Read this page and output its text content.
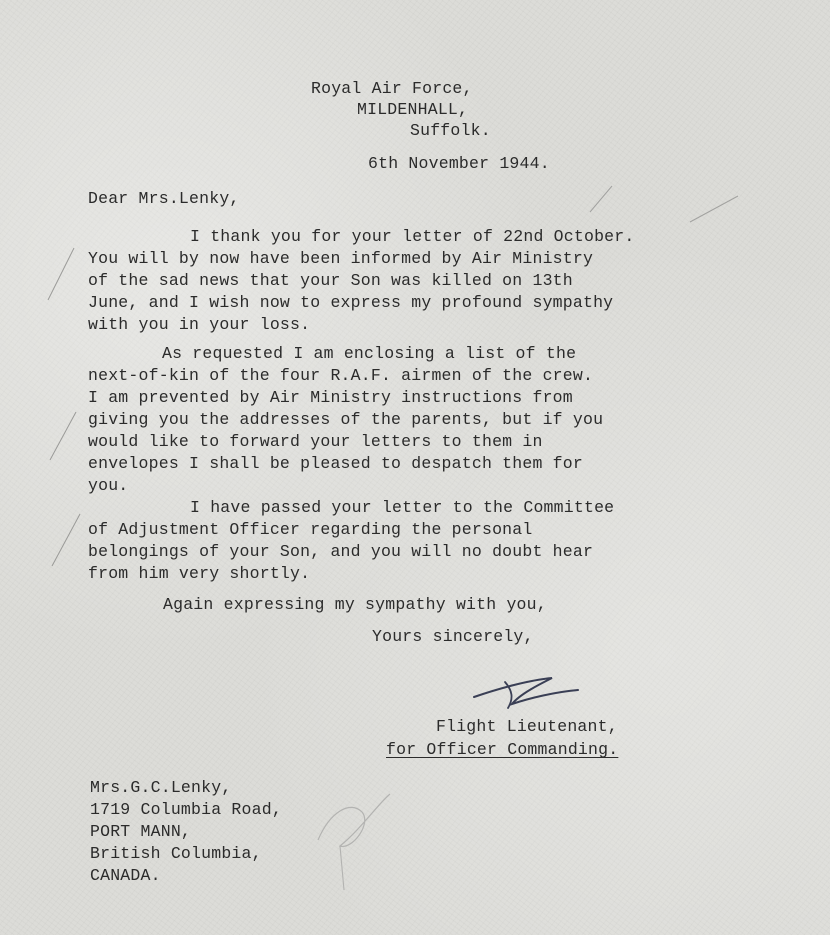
Royal Air Force,
MILDENHALL,
Suffolk.
6th November 1944.
Dear Mrs.Lenky,
I thank you for your letter of 22nd October.
You will by now have been informed by Air Ministry
of the sad news that your Son was killed on 13th
June, and I wish now to express my profound sympathy
with you in your loss.
As requested I am enclosing a list of the
next-of-kin of the four R.A.F. airmen of the crew.
I am prevented by Air Ministry instructions from
giving you the addresses of the parents, but if you
would like to forward your letters to them in
envelopes I shall be pleased to despatch them for
you.
I have passed your letter to the Committee
of Adjustment Officer regarding the personal
belongings of your Son, and you will no doubt hear
from him very shortly.
Again expressing my sympathy with you,
Yours sincerely,
Flight Lieutenant,
for Officer Commanding.
Mrs.G.C.Lenky,
1719 Columbia Road,
PORT MANN,
British Columbia,
CANADA.
